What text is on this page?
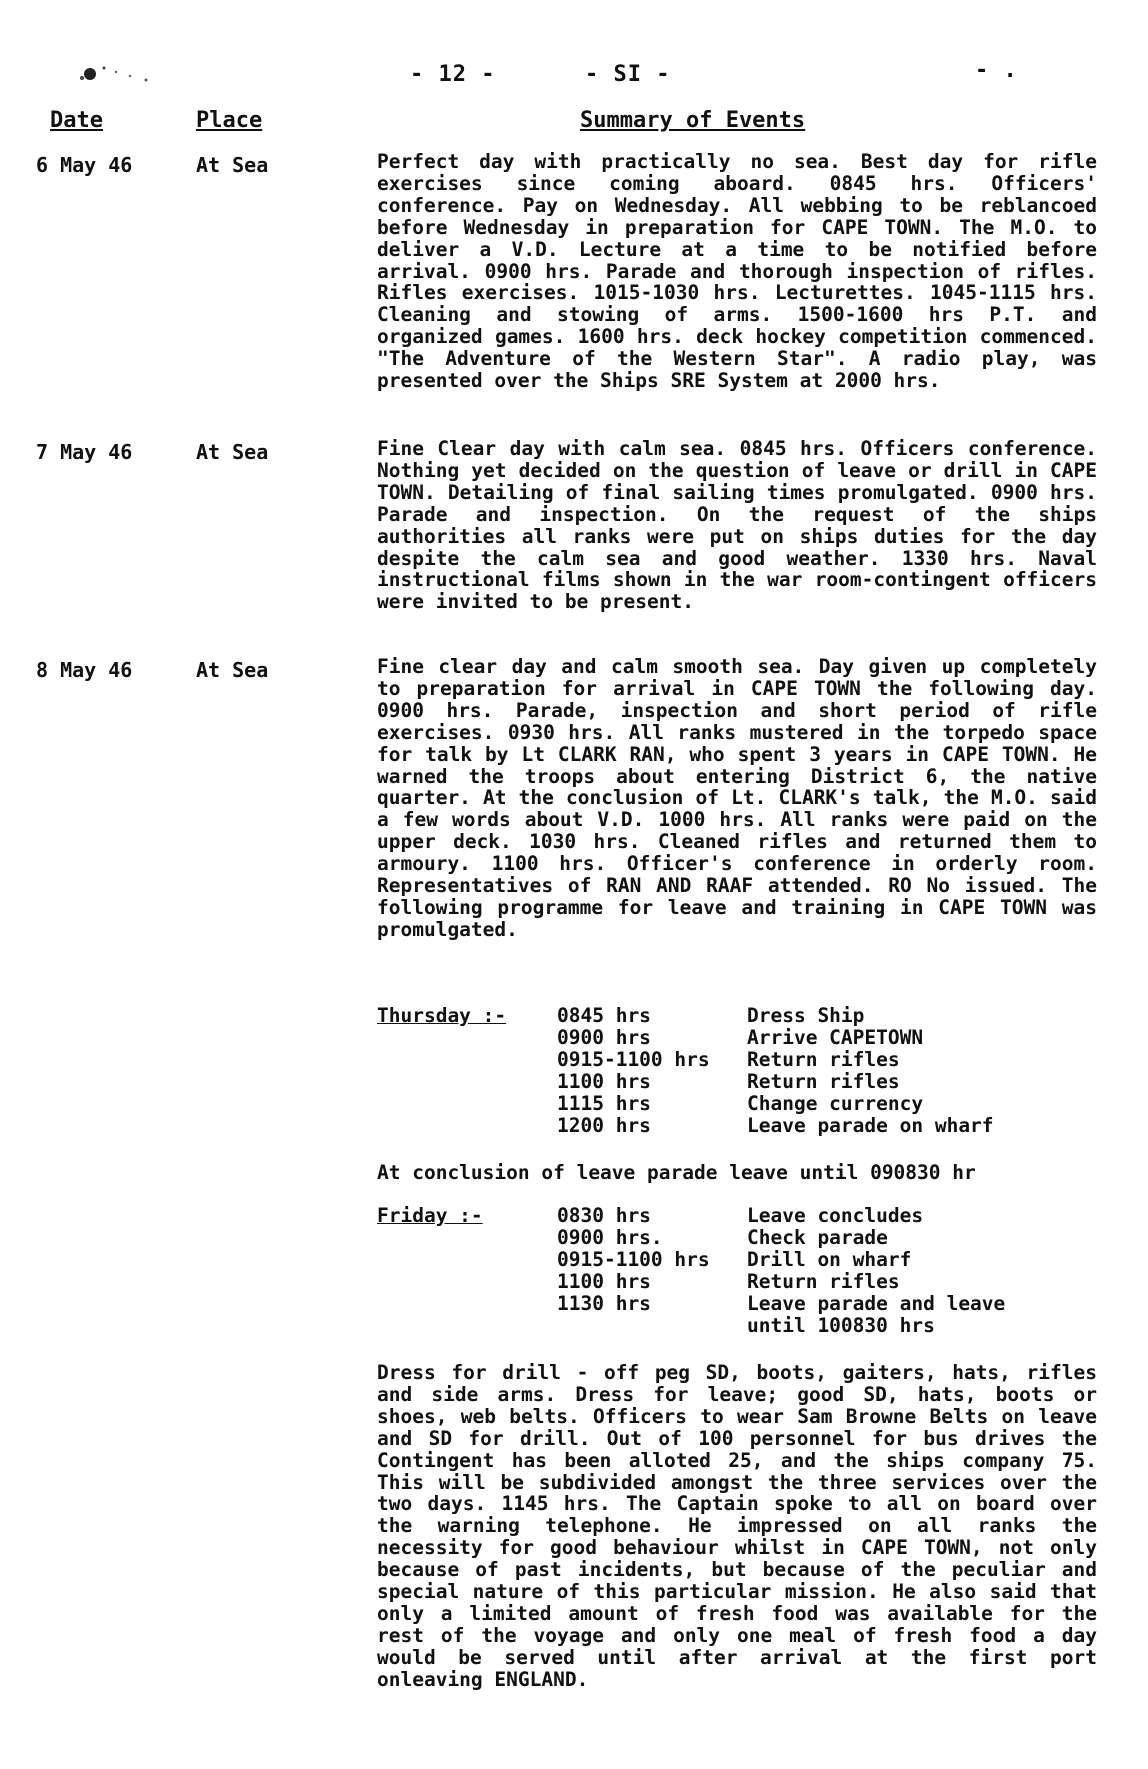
- 12 -	- SI -	- .
Date	Place	Summary of Events
6 May 46	At Sea	Perfect day with practically no sea. Best day for rifle exercises since coming aboard. 0845 hrs. Officers' conference. Pay on Wednesday. All webbing to be reblancoed before Wednesday in preparation for CAPE TOWN. The M.O. to deliver a V.D. Lecture at a time to be notified before arrival. 0900 hrs. Parade and thorough inspection of rifles. Rifles exercises. 1015-1030 hrs. Lecturettes. 1045-1115 hrs. Cleaning and stowing of arms. 1500-1600 hrs P.T. and organized games. 1600 hrs. deck hockey competition commenced. "The Adventure of the Western Star". A radio play, was presented over the Ships SRE System at 2000 hrs.
7 May 46	At Sea	Fine Clear day with calm sea. 0845 hrs. Officers conference. Nothing yet decided on the question of leave or drill in CAPE TOWN. Detailing of final sailing times promulgated. 0900 hrs. Parade and inspection. On the request of the ships authorities all ranks were put on ships duties for the day despite the calm sea and good weather. 1330 hrs. Naval instructional films shown in the war room-contingent officers were invited to be present.
8 May 46	At Sea	Fine clear day and calm smooth sea. Day given up completely to preparation for arrival in CAPE TOWN the following day. 0900 hrs. Parade, inspection and short period of rifle exercises. 0930 hrs. All ranks mustered in the torpedo space for talk by Lt CLARK RAN, who spent 3 years in CAPE TOWN. He warned the troops about entering District 6, the native quarter. At the conclusion of Lt. CLARK's talk, the M.O. said a few words about V.D. 1000 hrs. All ranks were paid on the upper deck. 1030 hrs. Cleaned rifles and returned them to armoury. 1100 hrs. Officer's conference in orderly room. Representatives of RAN AND RAAF attended. RO No issued. The following programme for leave and training in CAPE TOWN was promulgated.
Thursday :-	0845 hrs	Dress Ship
0900 hrs	Arrive CAPETOWN
0915-1100 hrs Return rifles
1100 hrs	Return rifles
1115 hrs	Change currency
1200 hrs	Leave parade on wharf
At conclusion of leave parade leave until 090830 hr
Friday :-	0830 hrs	Leave concludes
0900 hrs.	Check parade
0915-1100 hrs Drill on wharf
1100 hrs	Return rifles
1130 hrs	Leave parade and leave
until 100830 hrs
Dress for drill - off peg SD, boots, gaiters, hats, rifles and side arms. Dress for leave; good SD, hats, boots or shoes, web belts. Officers to wear Sam Browne Belts on leave and SD for drill. Out of 100 personnel for bus drives the Contingent has been alloted 25, and the ships company 75. This will be subdivided amongst the three services over the two days. 1145 hrs. The Captain spoke to all on board over the warning telephone. He impressed on all ranks the necessity for good behaviour whilst in CAPE TOWN, not only because of past incidents, but because of the peculiar and special nature of this particular mission. He also said that only a limited amount of fresh food was available for the rest of the voyage and only one meal of fresh food a day would be served until after arrival at the first port onleaving ENGLAND.
